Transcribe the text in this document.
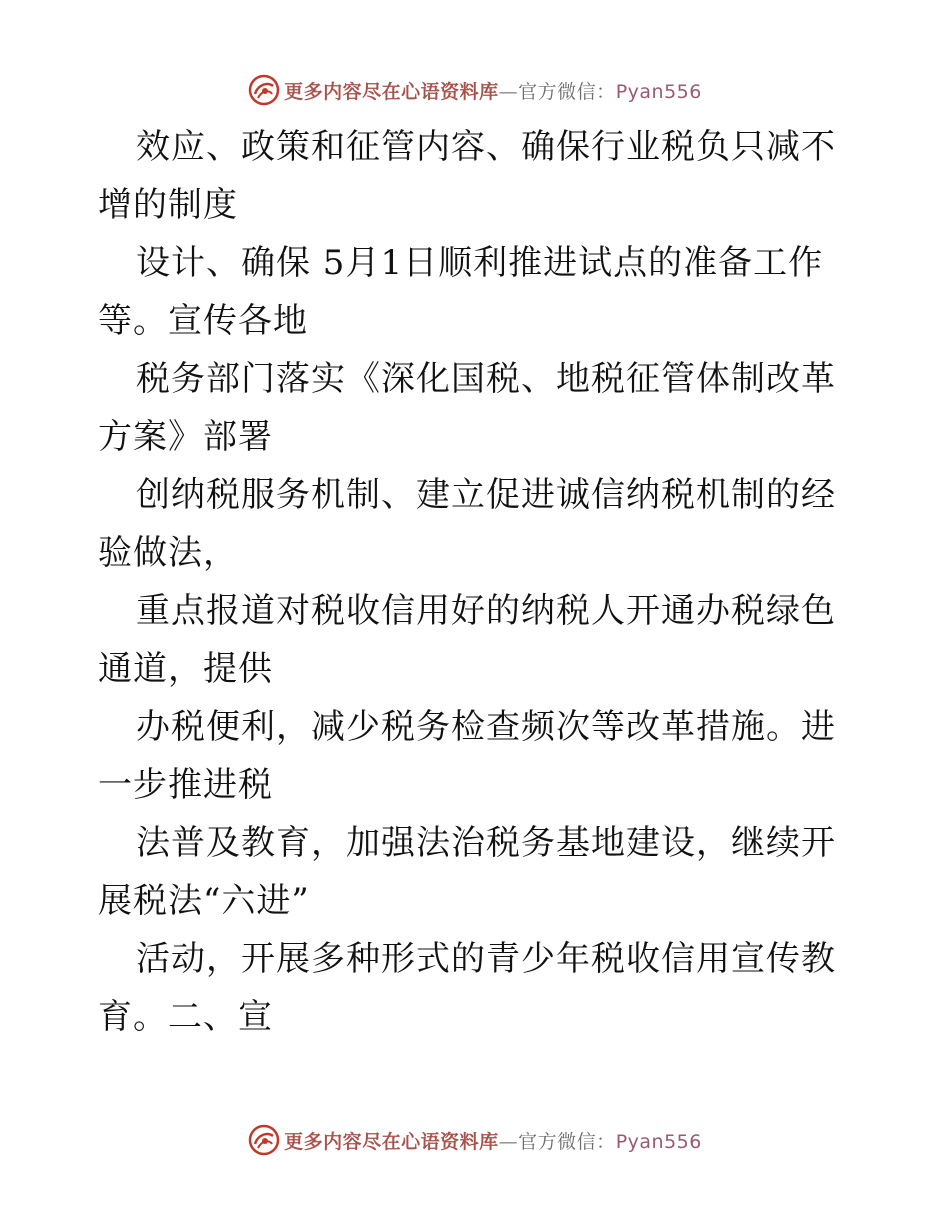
更多内容尽在心语资料库—官方微信：Pyan556

效应、政策和征管内容、确保行业税负只减不增的制度

设计、确保 5月1日顺利推进试点的准备工作等。宣传各地

税务部门落实《深化国税、地税征管体制改革方案》部署

创纳税服务机制、建立促进诚信纳税机制的经验做法，

重点报道对税收信用好的纳税人开通办税绿色通道，提供

办税便利，减少税务检查频次等改革措施。进一步推进税

法普及教育，加强法治税务基地建设，继续开展税法“六进”

活动，开展多种形式的青少年税收信用宣传教育。二、宣

更多内容尽在心语资料库—官方微信：Pyan556
